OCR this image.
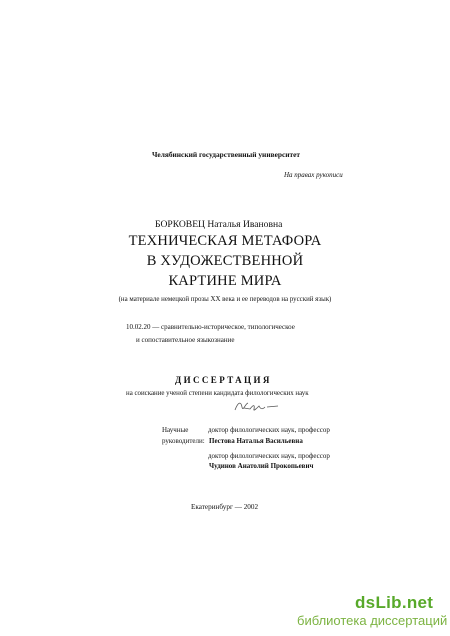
Челябинский государственный университет
На правах рукописи
БОРКОВЕЦ Наталья Ивановна
ТЕХНИЧЕСКАЯ МЕТАФОРА
В ХУДОЖЕСТВЕННОЙ
КАРТИНЕ МИРА
(на материале немецкой прозы XX века и ее переводов на русский язык)
10.02.20 — сравнительно-историческое, типологическое
и сопоставительное языкознание
ДИССЕРТАЦИЯ
на соискание ученой степени кандидата филологических наук
Научные
руководители:
доктор филологических наук, профессор
Пестова Наталья Васильевна
доктор филологических наук, профессор
Чудинов Анатолий Прокопьевич
Екатеринбург — 2002
dsLib.net
библиотека диссертаций
